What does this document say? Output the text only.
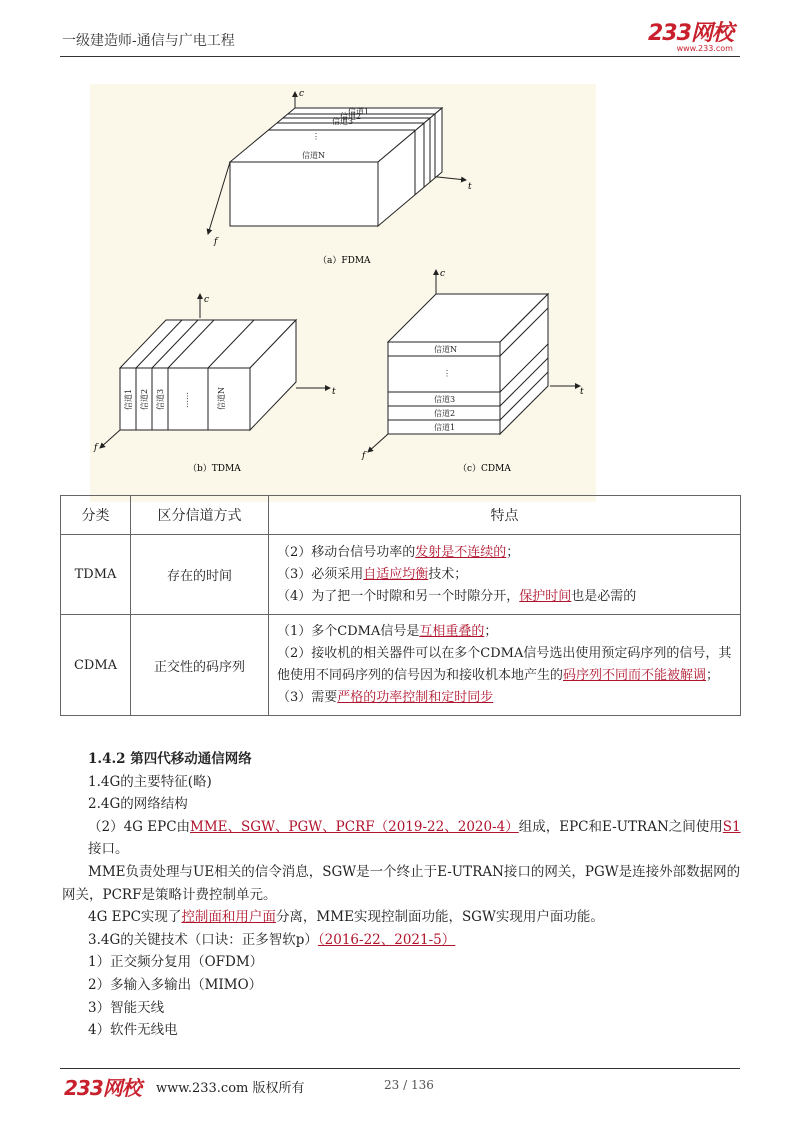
一级建造师-通信与广电工程	233网校
www.233.com
信道1
信道2
信道3
⋮
信道N
c
t
f
（a）FDMA
信道1 信道2 信道3 ……	信道N
c
t
f
（b）TDMA
信道N
⋮
信道3
信道2
信道1
c
t
f
（c）CDMA
分类	区分信道方式	特点
TDMA	存在的时间	（2）移动台信号功率的发射是不连续的；
（3）必须采用自适应均衡技术；
（4）为了把一个时隙和另一个时隙分开，保护时间也是必需的

CDMA	正交性的码序列	（1）多个CDMA信号是互相重叠的；
（2）接收机的相关器件可以在多个CDMA信号选出使用预定码序列的信号，其他使用不同码序列的信号因为和接收机本地产生的码序列不同而不能被解调；
（3）需要严格的功率控制和定时同步

1.4.2 第四代移动通信网络

1.4G的主要特征(略)

2.4G的网络结构

（2）4G EPC由MME、SGW、PGW、PCRF（2019-22、2020-4）组成，EPC和E-UTRAN之间使用S1接口。

MME负责处理与UE相关的信令消息，SGW是一个终止于E-UTRAN接口的网关，PGW是连接外部数据网的网关，PCRF是策略计费控制单元。

4G EPC实现了控制面和用户面分离，MME实现控制面功能，SGW实现用户面功能。

3.4G的关键技术（口诀：正多智软p）（2016-22、2021-5）

1）正交频分复用（OFDM）

2）多输入多输出（MIMO）

3）智能天线

4）软件无线电

233网校 www.233.com 版权所有	23 / 136
